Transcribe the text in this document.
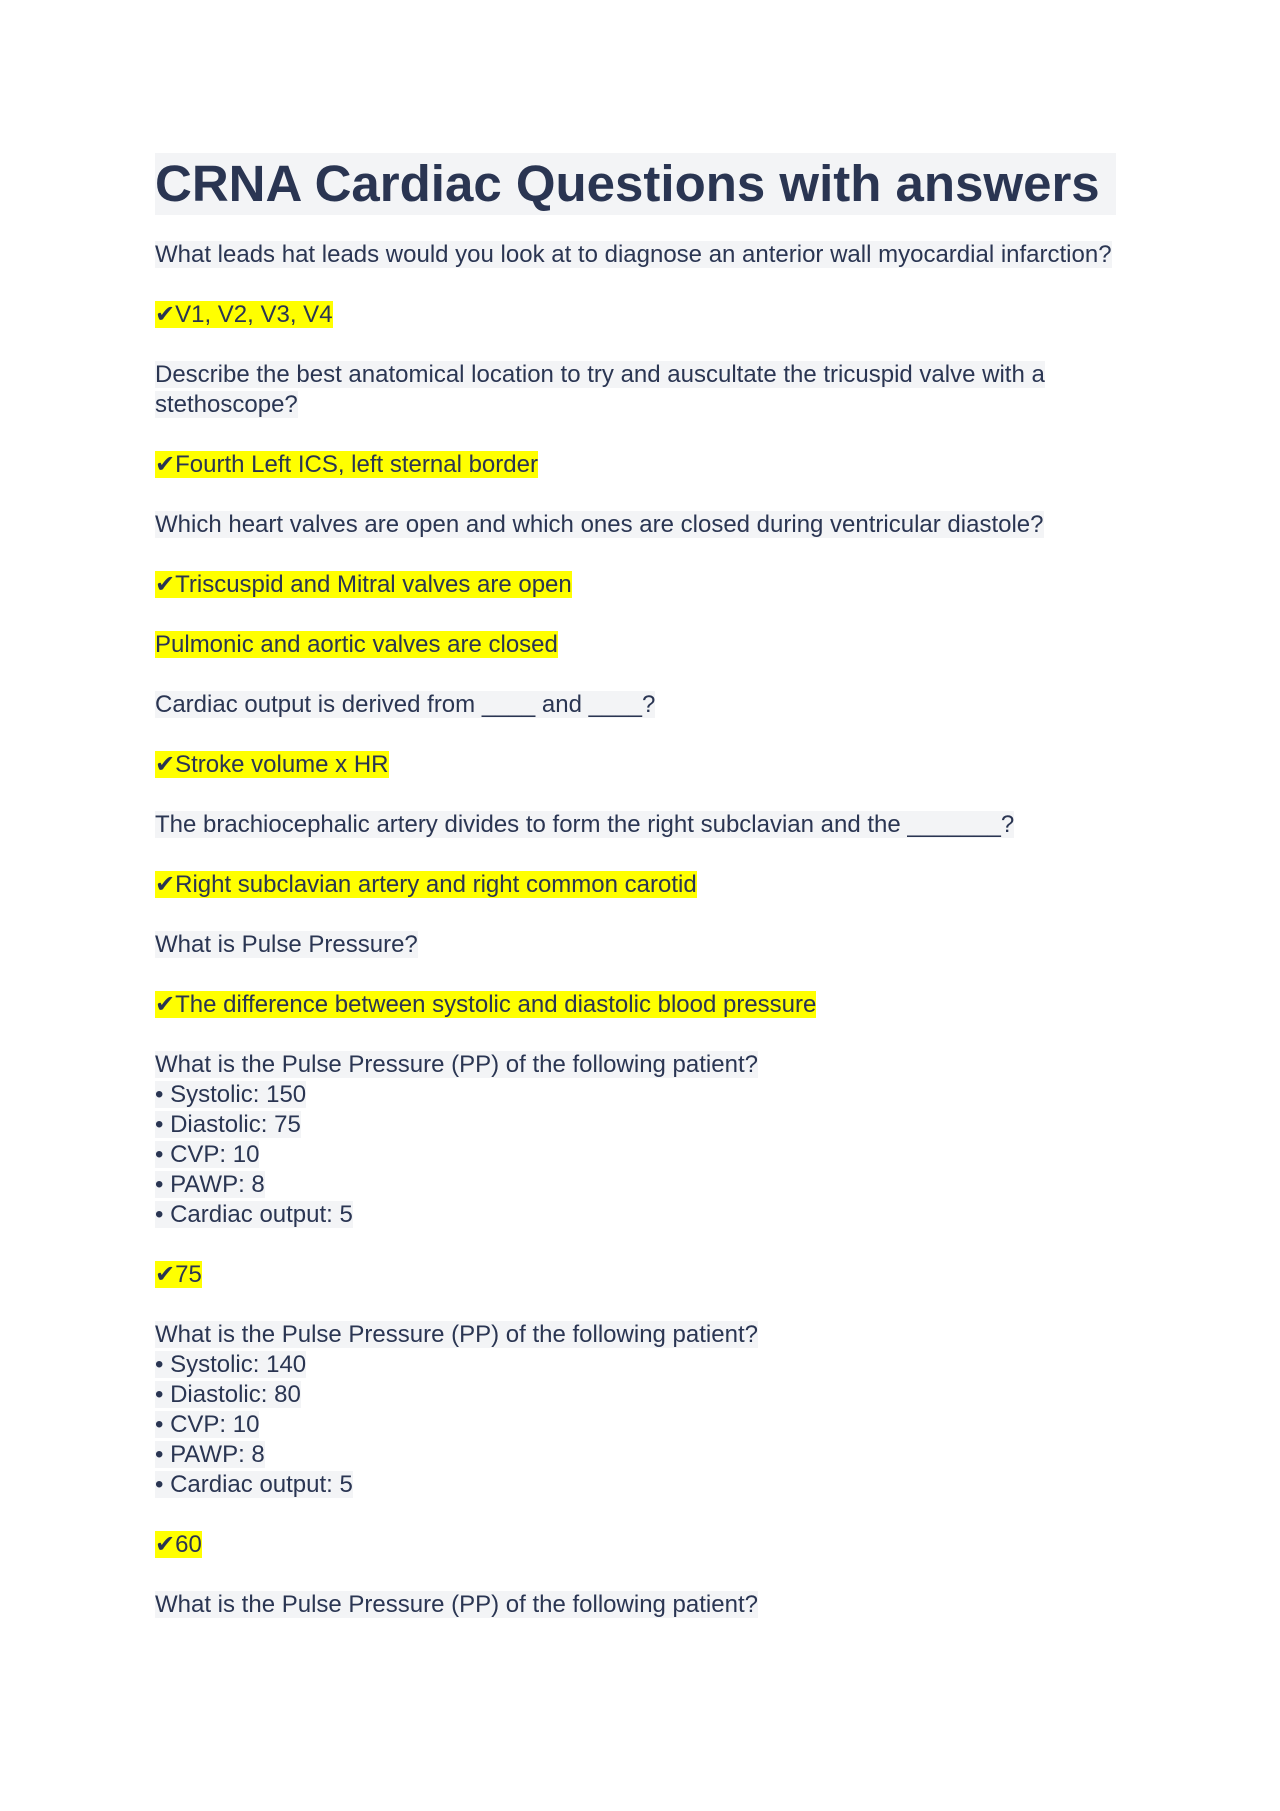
CRNA Cardiac Questions with answers
What leads hat leads would you look at to diagnose an anterior wall myocardial infarction?
✔V1, V2, V3, V4
Describe the best anatomical location to try and auscultate the tricuspid valve with a stethoscope?
✔Fourth Left ICS, left sternal border
Which heart valves are open and which ones are closed during ventricular diastole?
✔Triscuspid and Mitral valves are open
Pulmonic and aortic valves are closed
Cardiac output is derived from ____ and ____?
✔Stroke volume x HR
The brachiocephalic artery divides to form the right subclavian and the _______?
✔Right subclavian artery and right common carotid
What is Pulse Pressure?
✔The difference between systolic and diastolic blood pressure
What is the Pulse Pressure (PP) of the following patient?
• Systolic: 150
• Diastolic: 75
• CVP: 10
• PAWP: 8
• Cardiac output: 5
✔75
What is the Pulse Pressure (PP) of the following patient?
• Systolic: 140
• Diastolic: 80
• CVP: 10
• PAWP: 8
• Cardiac output: 5
✔60
What is the Pulse Pressure (PP) of the following patient?
